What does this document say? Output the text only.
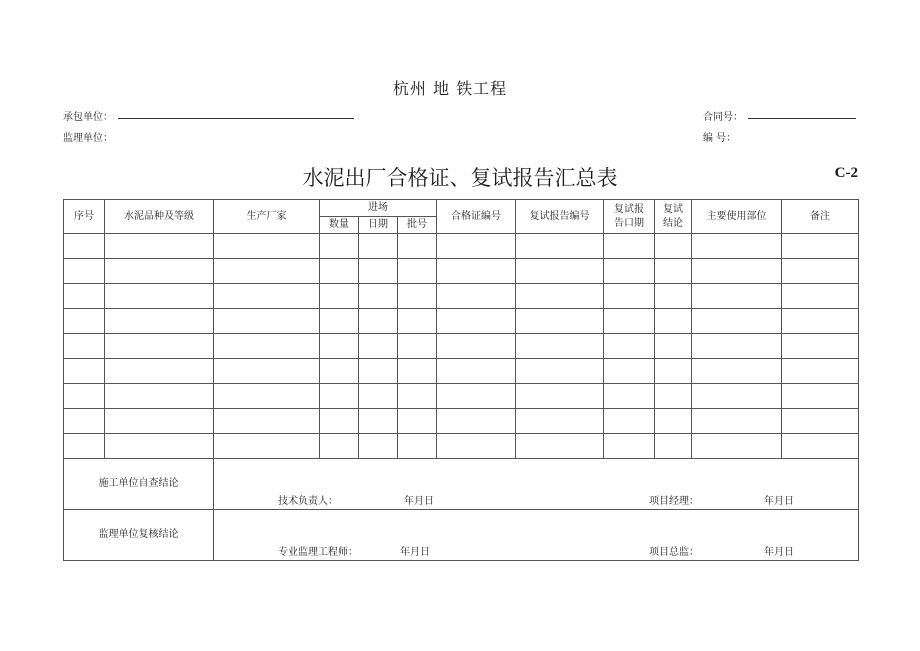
杭州 地 铁工程
承包单位：	合同号：
监理单位：	编 号：
水泥出厂合格证、复试报告汇总表	C-2
序号	水泥品种及等级	生产厂家	进场			合格证编号	复试报告编号	复试报告口期	复试结论	主要使用部位	备注
			数量	日期	批号						

施工单位自查结论		技术负责人： 年月日 项目经理： 年月日									

监理单位复核结论		专业监理工程师： 年月日 项目总监： 年月日									
